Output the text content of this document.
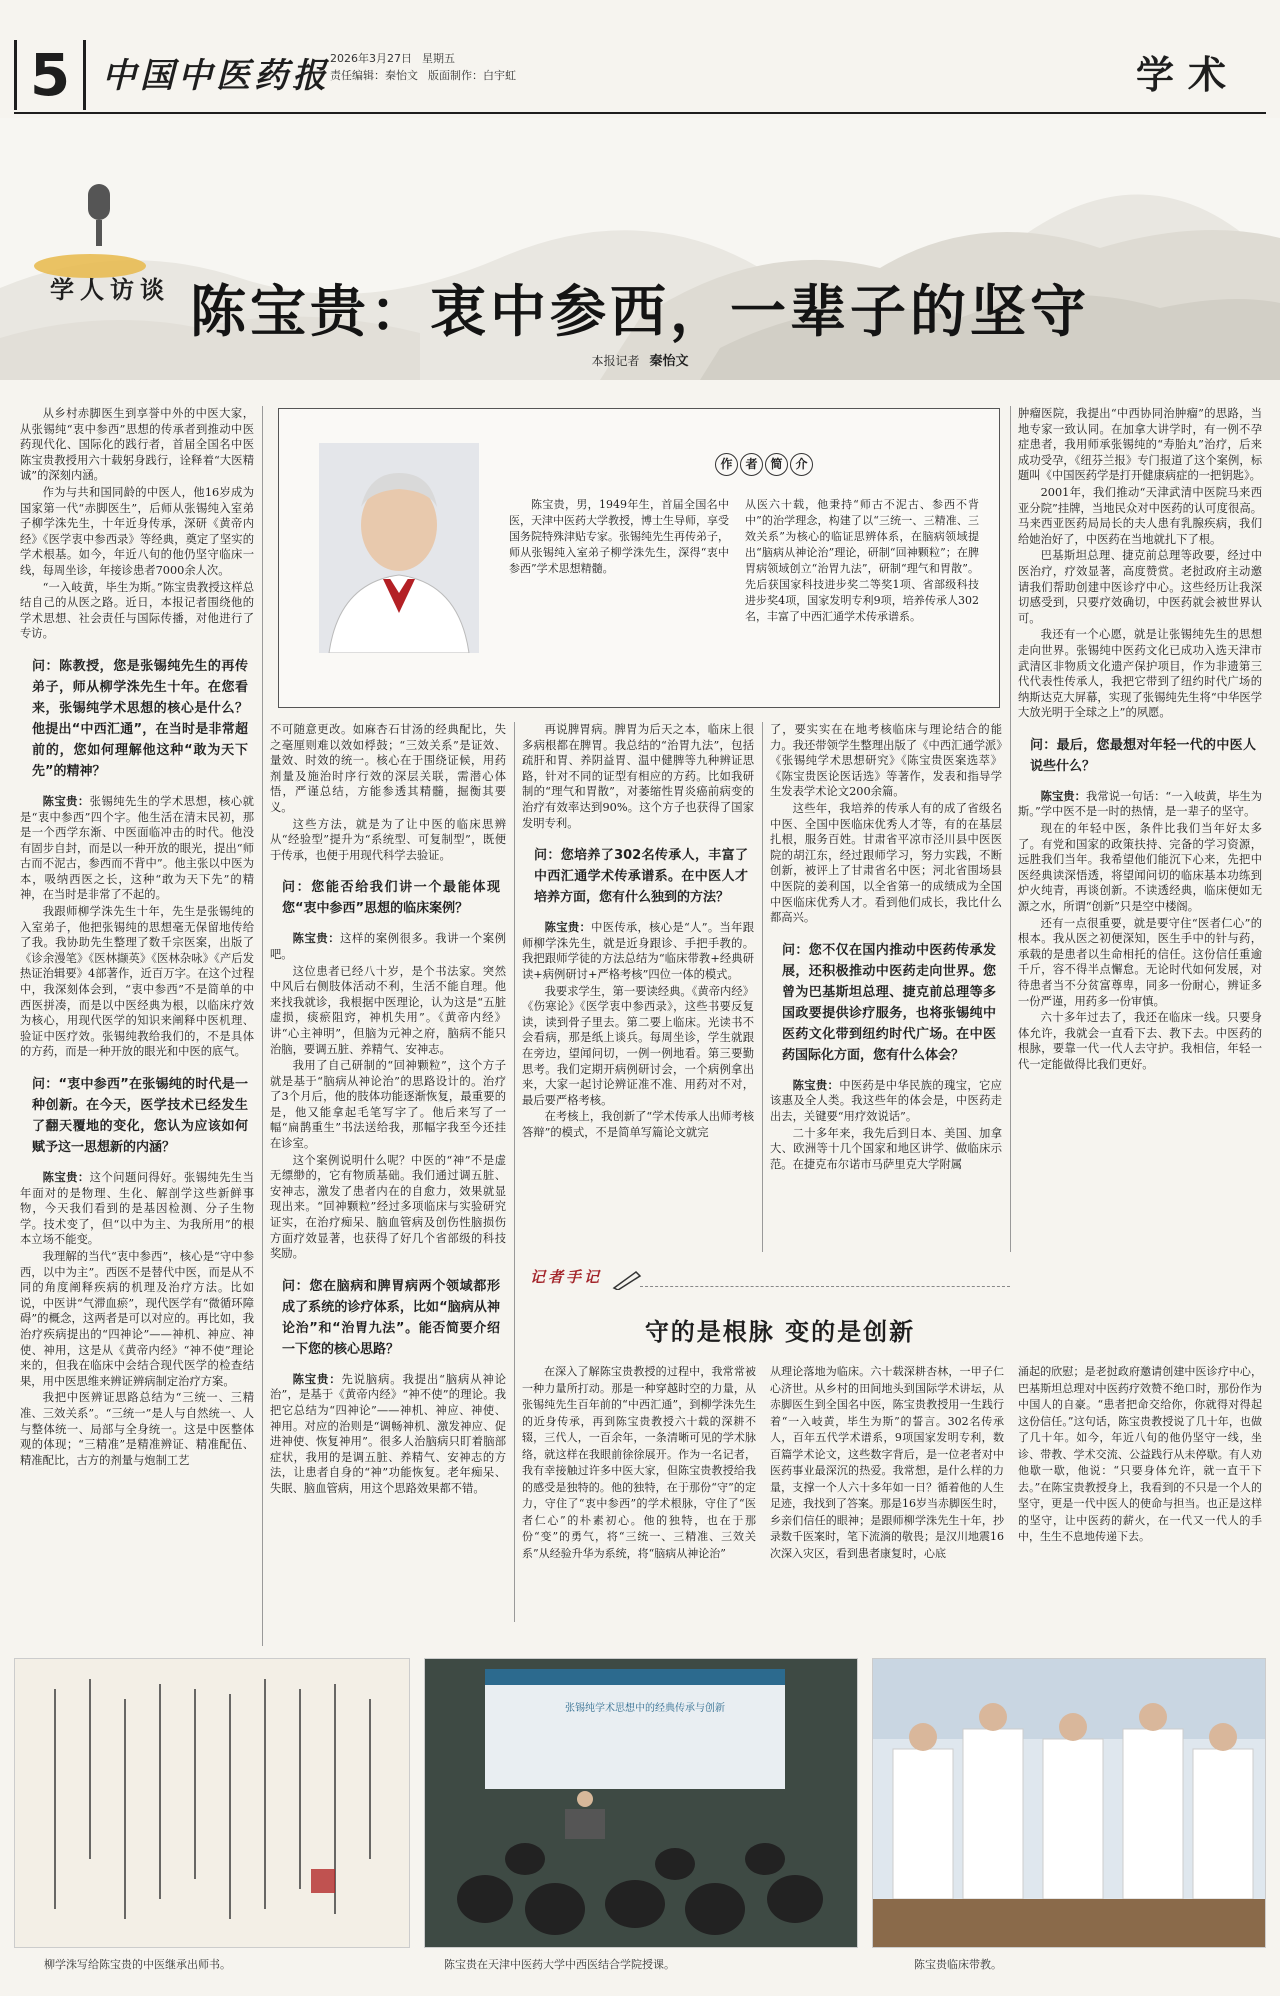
5 中国中医药报 2026年3月27日 星期五
责任编辑：秦怡文 版面制作：白宇虹	学术
学人访谈 陈宝贵：衷中参西，一辈子的坚守
本报记者 秦怡文

从乡村赤脚医生到享誉中外的中医大家，从张锡纯“衷中参西”思想的传承者到推动中医药现代化、国际化的践行者，首届全国名中医陈宝贵教授用六十载躬身践行，诠释着“大医精诚”的深刻内涵。

作为与共和国同龄的中医人，他16岁成为国家第一代“赤脚医生”，后师从张锡纯入室弟子柳学洙先生，十年近身传承，深研《黄帝内经》《医学衷中参西录》等经典，奠定了坚实的学术根基。如今，年近八旬的他仍坚守临床一线，每周坐诊，年接诊患者7000余人次。

“一入岐黄，毕生为斯。”陈宝贵教授这样总结自己的从医之路。近日，本报记者围绕他的学术思想、社会责任与国际传播，对他进行了专访。

问：陈教授，您是张锡纯先生的再传弟子，师从柳学洙先生十年。在您看来，张锡纯学术思想的核心是什么？他提出“中西汇通”，在当时是非常超前的，您如何理解他这种“敢为天下先”的精神？

陈宝贵：张锡纯先生的学术思想，核心就是“衷中参西”四个字。他生活在清末民初，那是一个西学东渐、中医面临冲击的时代。他没有固步自封，而是以一种开放的眼光，提出“师古而不泥古，参西而不背中”。他主张以中医为本，吸纳西医之长，这种“敢为天下先”的精神，在当时是非常了不起的。

我跟师柳学洙先生十年，先生是张锡纯的入室弟子，他把张锡纯的思想毫无保留地传给了我。我协助先生整理了数千宗医案，出版了《诊余漫笔》《医林撷英》《医林杂咏》《产后发热证治辑要》4部著作，近百万字。在这个过程中，我深刻体会到，“衷中参西”不是简单的中西医拼凑，而是以中医经典为根，以临床疗效为核心，用现代医学的知识来阐释中医机理、验证中医疗效。张锡纯教给我们的，不是具体的方药，而是一种开放的眼光和中医的底气。

问：“衷中参西”在张锡纯的时代是一种创新。在今天，医学技术已经发生了翻天覆地的变化，您认为应该如何赋予这一思想新的内涵？

陈宝贵：这个问题问得好。张锡纯先生当年面对的是物理、生化、解剖学这些新鲜事物，今天我们看到的是基因检测、分子生物学。技术变了，但“以中为主、为我所用”的根本立场不能变。

我理解的当代“衷中参西”，核心是“守中参西，以中为主”。西医不是替代中医，而是从不同的角度阐释疾病的机理及治疗方法。比如说，中医讲“气滞血瘀”，现代医学有“微循环障碍”的概念，这两者是可以对应的。再比如，我治疗疾病提出的“四神论”——神机、神应、神使、神用，这是从《黄帝内经》“神不使”理论来的，但我在临床中会结合现代医学的检查结果，用中医思维来辨证辨病制定治疗方案。

我把中医辨证思路总结为“三统一、三精准、三效关系”。“三统一”是人与自然统一、人与整体统一、局部与全身统一。这是中医整体观的体现；“三精准”是精准辨证、精准配伍、精准配比，古方的剂量与炮制工艺

作 者 简 介
陈宝贵，男，1949年生，首届全国名中医，天津中医药大学教授，博士生导师，享受国务院特殊津贴专家。张锡纯先生再传弟子，师从张锡纯入室弟子柳学洙先生，深得“衷中参西”学术思想精髓。
从医六十载，他秉持“师古不泥古、参西不背中”的治学理念，构建了以“三统一、三精准、三效关系”为核心的临证思辨体系，在脑病领域提出“脑病从神论治”理论，研制“回神颗粒”；在脾胃病领域创立“治胃九法”，研制“理气和胃散”。先后获国家科技进步奖二等奖1项、省部级科技进步奖4项，国家发明专利9项，培养传承人302名，丰富了中西汇通学术传承谱系。

不可随意更改。如麻杏石甘汤的经典配比，失之毫厘则难以效如桴鼓；“三效关系”是证效、量效、时效的统一。核心在于围绕证候，用药剂量及施治时序行效的深层关联，需潜心体悟，严谨总结，方能参透其精髓，掘衡其要义。

这些方法，就是为了让中医的临床思辨从“经验型”提升为“系统型、可复制型”，既便于传承，也便于用现代科学去验证。

问：您能否给我们讲一个最能体现您“衷中参西”思想的临床案例？

陈宝贵：这样的案例很多。我讲一个案例吧。

这位患者已经八十岁，是个书法家。突然中风后右侧肢体活动不利，生活不能自理。他来找我就诊，我根据中医理论，认为这是“五脏虚损，痰瘀阻窍，神机失用”。《黄帝内经》讲“心主神明”，但脑为元神之府，脑病不能只治脑，要调五脏、养精气、安神志。

我用了自己研制的“回神颗粒”，这个方子就是基于“脑病从神论治”的思路设计的。治疗了3个月后，他的肢体功能逐渐恢复，最重要的是，他又能拿起毛笔写字了。他后来写了一幅“扁鹊重生”书法送给我，那幅字我至今还挂在诊室。

这个案例说明什么呢？中医的“神”不是虚无缥缈的，它有物质基础。我们通过调五脏、安神志，激发了患者内在的自愈力，效果就显现出来。“回神颗粒”经过多项临床与实验研究证实，在治疗痴呆、脑血管病及创伤性脑损伤方面疗效显著，也获得了好几个省部级的科技奖励。

问：您在脑病和脾胃病两个领域都形成了系统的诊疗体系，比如“脑病从神论治”和“治胃九法”。能否简要介绍一下您的核心思路？

陈宝贵：先说脑病。我提出“脑病从神论治”，是基于《黄帝内经》“神不使”的理论。我把它总结为“四神论”——神机、神应、神使、神用。对应的治则是“调畅神机、激发神应、促进神使、恢复神用”。很多人治脑病只盯着脑部症状，我用的是调五脏、养精气、安神志的方法，让患者自身的“神”功能恢复。老年痴呆、失眠、脑血管病，用这个思路效果都不错。

再说脾胃病。脾胃为后天之本，临床上很多病根都在脾胃。我总结的“治胃九法”，包括疏肝和胃、养阴益胃、温中健脾等九种辨证思路，针对不同的证型有相应的方药。比如我研制的“理气和胃散”，对萎缩性胃炎癌前病变的治疗有效率达到90%。这个方子也获得了国家发明专利。

问：您培养了302名传承人，丰富了中西汇通学术传承谱系。在中医人才培养方面，您有什么独到的方法？

陈宝贵：中医传承，核心是“人”。当年跟师柳学洙先生，就是近身跟诊、手把手教的。我把跟师学徒的方法总结为“临床带教+经典研读+病例研讨+严格考核”四位一体的模式。

我要求学生，第一要读经典。《黄帝内经》《伤寒论》《医学衷中参西录》，这些书要反复读，读到骨子里去。第二要上临床。光读书不会看病，那是纸上谈兵。每周坐诊，学生就跟在旁边，望闻问切，一例一例地看。第三要勤思考。我们定期开病例研讨会，一个病例拿出来，大家一起讨论辨证准不准、用药对不对，最后要严格考核。

在考核上，我创新了“学术传承人出师考核答辩”的模式，不是简单写篇论文就完

了，要实实在在地考核临床与理论结合的能力。我还带领学生整理出版了《中西汇通学派》《张锡纯学术思想研究》《陈宝贵医案选萃》《陈宝贵医论医话选》等著作，发表和指导学生发表学术论文200余篇。

这些年，我培养的传承人有的成了省级名中医、全国中医临床优秀人才等，有的在基层扎根，服务百姓。甘肃省平凉市泾川县中医医院的胡江东，经过跟师学习，努力实践，不断创新，被评上了甘肃省名中医；河北省围场县中医院的姜利国，以全省第一的成绩成为全国中医临床优秀人才。看到他们成长，我比什么都高兴。

问：您不仅在国内推动中医药传承发展，还积极推动中医药走向世界。您曾为巴基斯坦总理、捷克前总理等多国政要提供诊疗服务，也将张锡纯中医药文化带到纽约时代广场。在中医药国际化方面，您有什么体会？

陈宝贵：中医药是中华民族的瑰宝，它应该惠及全人类。我这些年的体会是，中医药走出去，关键要“用疗效说话”。

二十多年来，我先后到日本、美国、加拿大、欧洲等十几个国家和地区讲学、做临床示范。在捷克布尔诺市马萨里克大学附属

肿瘤医院，我提出“中西协同治肿瘤”的思路，当地专家一致认同。在加拿大讲学时，有一例不孕症患者，我用师承张锡纯的“寿胎丸”治疗，后来成功受孕，《纽芬兰报》专门报道了这个案例，标题叫《中国医药学是打开健康病症的一把钥匙》。

2001年，我们推动“天津武清中医院马来西亚分院”挂牌，当地民众对中医药的认可度很高。马来西亚医药局局长的夫人患有乳腺疾病，我们给她治好了，中医药在当地就扎下了根。

巴基斯坦总理、捷克前总理等政要，经过中医治疗，疗效显著，高度赞赏。老挝政府主动邀请我们帮助创建中医诊疗中心。这些经历让我深切感受到，只要疗效确切，中医药就会被世界认可。

我还有一个心愿，就是让张锡纯先生的思想走向世界。张锡纯中医药文化已成功入选天津市武清区非物质文化遗产保护项目，作为非遗第三代代表性传承人，我把它带到了纽约时代广场的纳斯达克大屏幕，实现了张锡纯先生将“中华医学大放光明于全球之上”的夙愿。

问：最后，您最想对年轻一代的中医人说些什么？

陈宝贵：我常说一句话：“一入岐黄，毕生为斯。”学中医不是一时的热情，是一辈子的坚守。

现在的年轻中医，条件比我们当年好太多了。有党和国家的政策扶持、完备的学习资源，远胜我们当年。我希望他们能沉下心来，先把中医经典读深悟透，将望闻问切的临床基本功练到炉火纯青，再谈创新。不读透经典，临床便如无源之水，所谓“创新”只是空中楼阁。

还有一点很重要，就是要守住“医者仁心”的根本。我从医之初便深知，医生手中的针与药，承载的是患者以生命相托的信任。这份信任重逾千斤，容不得半点懈怠。无论时代如何发展，对待患者当不分贫富尊卑，同多一份耐心，辨证多一份严谨，用药多一份审慎。

六十多年过去了，我还在临床一线。只要身体允许，我就会一直看下去、教下去。中医药的根脉，要靠一代一代人去守护。我相信，年轻一代一定能做得比我们更好。

记者手记
守的是根脉 变的是创新

在深入了解陈宝贵教授的过程中，我常常被一种力量所打动。那是一种穿越时空的力量，从张锡纯先生百年前的“中西汇通”，到柳学洙先生的近身传承，再到陈宝贵教授六十载的深耕不辍，三代人，一百余年，一条清晰可见的学术脉络，就这样在我眼前徐徐展开。作为一名记者，我有幸接触过许多中医大家，但陈宝贵教授给我的感受是独特的。他的独特，在于那份“守”的定力，守住了“衷中参西”的学术根脉，守住了“医者仁心”的朴素初心。他的独特，也在于那份“变”的勇气，将“三统一、三精准、三效关系”从经验升华为系统，将“脑病从神论治”

从理论落地为临床。六十载深耕杏林，一甲子仁心济世。从乡村的田间地头到国际学术讲坛，从赤脚医生到全国名中医，陈宝贵教授用一生践行着“一入岐黄，毕生为斯”的誓言。302名传承人，百年五代学术谱系，9项国家发明专利，数百篇学术论文，这些数字背后，是一位老者对中医药事业最深沉的热爱。我常想，是什么样的力量，支撑一个人六十多年如一日？循着他的人生足迹，我找到了答案。那是16岁当赤脚医生时，乡亲们信任的眼神；是跟师柳学洙先生十年，抄录数千医案时，笔下流淌的敬畏；是汉川地震16次深入灾区，看到患者康复时，心底

涌起的欣慰；是老挝政府邀请创建中医诊疗中心，巴基斯坦总理对中医药疗效赞不绝口时，那份作为中国人的自豪。“患者把命交给你，你就得对得起这份信任。”这句话，陈宝贵教授说了几十年，也做了几十年。如今，年近八旬的他仍坚守一线，坐诊、带教、学术交流、公益践行从未停歇。有人劝他歇一歇，他说：“只要身体允许，就一直干下去。”在陈宝贵教授身上，我看到的不只是一个人的坚守，更是一代中医人的使命与担当。也正是这样的坚守，让中医药的薪火，在一代又一代人的手中，生生不息地传递下去。

柳学洙写给陈宝贵的中医继承出师书。
张锡纯学术思想中的经典传承与创新
陈宝贵在天津中医药大学中西医结合学院授课。	陈宝贵临床带教。
